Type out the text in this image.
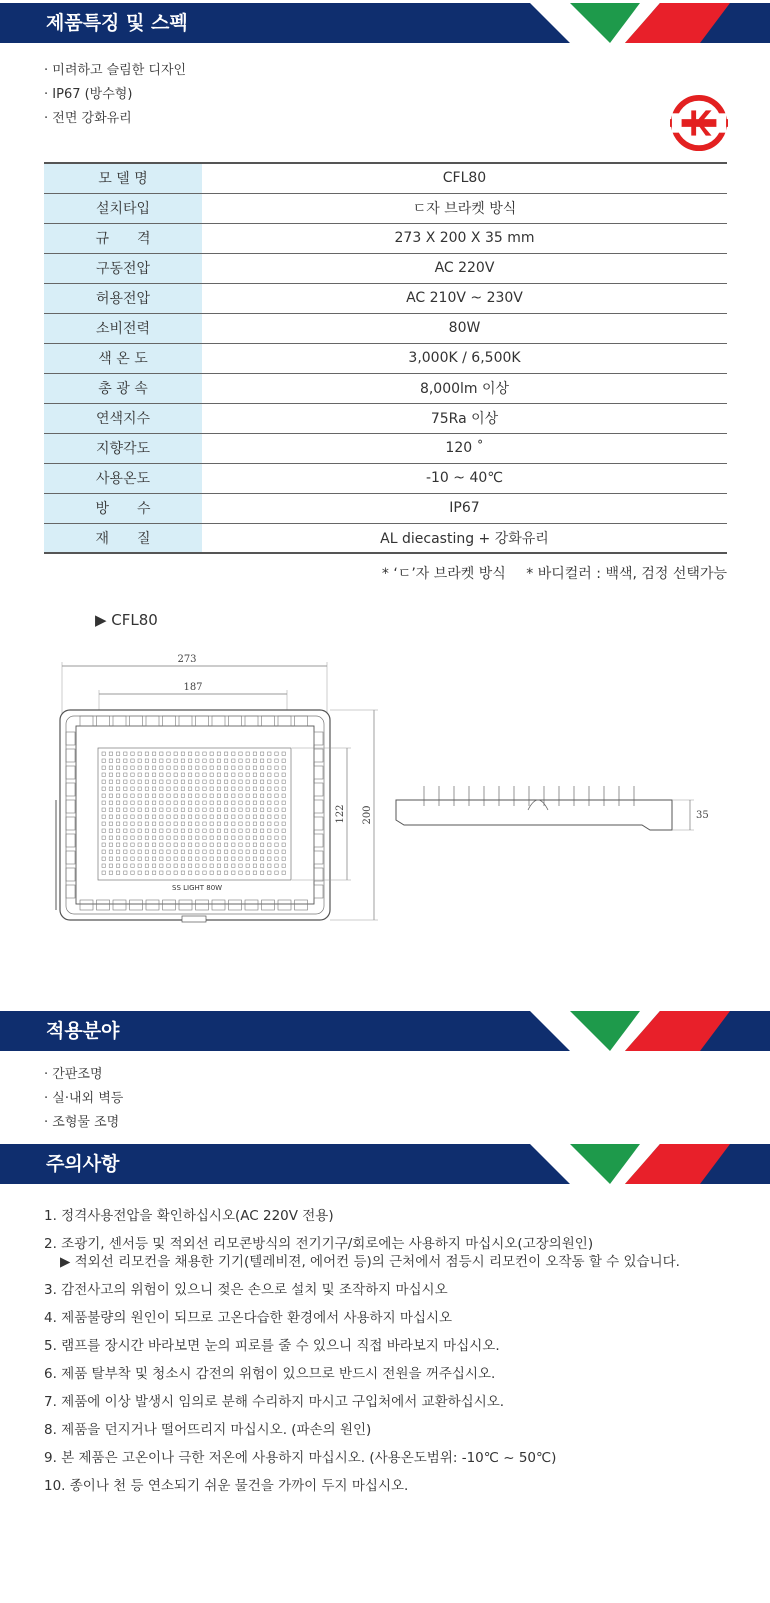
제품특징 및 스펙
· 미려하고 슬림한 디자인
· IP67 (방수형)
· 전면 강화유리
모 델 명	CFL80
설치타입	ㄷ자 브라켓 방식
규　　격	273 X 200 X 35 mm
구동전압	AC 220V
허용전압	AC 210V ~ 230V
소비전력	80W
색 온 도	3,000K / 6,500K
총 광 속	8,000lm 이상
연색지수	75Ra 이상
지향각도	120 ˚
사용온도	-10 ~ 40℃
방　　수	IP67
재　　질	AL diecasting + 강화유리
* ‘ㄷ’자 브라켓 방식 * 바디컬러 : 백색, 검정 선택가능
▶ CFL80
273
187
SS LIGHT 80W
200
122	35
적용분야
· 간판조명
· 실·내외 벽등
· 조형물 조명
주의사항
1. 정격사용전압을 확인하십시오(AC 220V 전용)
2. 조광기, 센서등 및 적외선 리모콘방식의 전기기구/회로에는 사용하지 마십시오(고장의원인)
▶ 적외선 리모컨을 채용한 기기(텔레비젼, 에어컨 등)의 근처에서 점등시 리모컨이 오작동 할 수 있습니다.
3. 감전사고의 위험이 있으니 젖은 손으로 설치 및 조작하지 마십시오
4. 제품불량의 원인이 되므로 고온다습한 환경에서 사용하지 마십시오
5. 램프를 장시간 바라보면 눈의 피로를 줄 수 있으니 직접 바라보지 마십시오.
6. 제품 탈부착 및 청소시 감전의 위험이 있으므로 반드시 전원을 꺼주십시오.
7. 제품에 이상 발생시 임의로 분해 수리하지 마시고 구입처에서 교환하십시오.
8. 제품을 던지거나 떨어뜨리지 마십시오. (파손의 원인)
9. 본 제품은 고온이나 극한 저온에 사용하지 마십시오. (사용온도범위: -10℃ ~ 50℃)
10. 종이나 천 등 연소되기 쉬운 물건을 가까이 두지 마십시오.
